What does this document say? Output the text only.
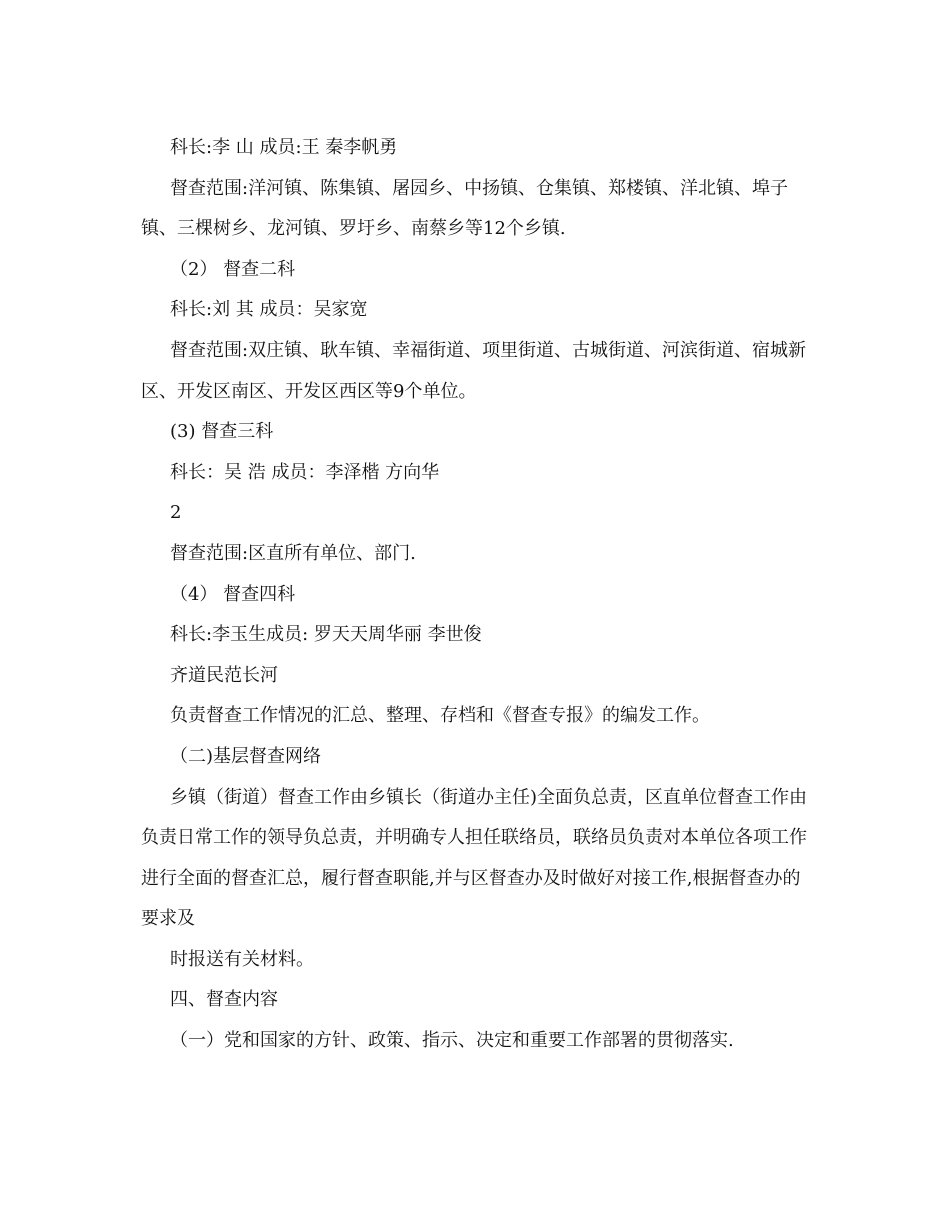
科长:李 山 成员:王 秦李帆勇

督查范围:洋河镇、陈集镇、屠园乡、中扬镇、仓集镇、郑楼镇、洋北镇、埠子镇、三棵树乡、龙河镇、罗圩乡、南蔡乡等12个乡镇.

（2） 督查二科

科长:刘 其 成员：吴家宽

督查范围:双庄镇、耿车镇、幸福街道、项里街道、古城街道、河滨街道、宿城新区、开发区南区、开发区西区等9个单位。

(3) 督查三科

科长：吴 浩 成员：李泽楷 方向华

2

督查范围:区直所有单位、部门.

（4） 督查四科

科长:李玉生成员: 罗天天周华丽 李世俊

齐道民范长河

负责督查工作情况的汇总、整理、存档和《督查专报》的编发工作。

（二)基层督查网络

乡镇（街道）督查工作由乡镇长（街道办主任)全面负总责，区直单位督查工作由负责日常工作的领导负总责，并明确专人担任联络员，联络员负责对本单位各项工作进行全面的督查汇总，履行督查职能,并与区督查办及时做好对接工作,根据督查办的要求及

时报送有关材料。

四、督查内容

（一）党和国家的方针、政策、指示、决定和重要工作部署的贯彻落实.
